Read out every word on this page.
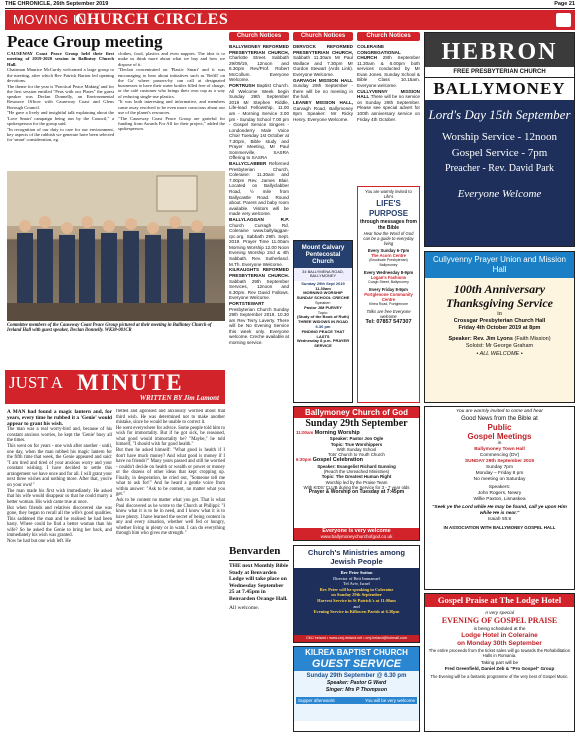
THE CHRONICLE, 26th September 2019	Page 21
MOVING IN
CHURCH CIRCLES
Peace Group meeting

CAUSEWAY Coast Peace Group held their first meeting of 2019-2020 session in Ballintoy Church Hall.

Chairman Maurice McCurdy welcomed a large group to the meeting, after which Rev Patrick Barton led opening devotions.

The theme for the year is 'Practical Peace Making' and for the first session entitled "Peas with our Plates" the guest speaker was Declan Donnelly, an Environmental Resource Officer with Causeway Coast and Glens Borough Council.

"He gave a lively and insightful talk explaining about the 'Love Smart' campaign being run by the Council," a spokesperson for the group said.

"In recognition of our duty to care for our environment, key aspects of the rubbish we generate have been selected for 'smart' consideration, eg.

clothes, food, plastics and even nappies. The idea is to make us think more about what we buy and how we dispose of it.

"Declan concentrated on 'Plastic Smart' and it was encouraging to hear about initiatives such as 'Refill' on the Go' where passers-by can call at designated businesses to have their water bottles filled free of charge, or the café customer who brings their own cup as a way of reducing single-use plastics.

"It was both interesting and informative, and members came away resolved to be even more conscious about our use of the planet's resources.

"The Causeway Coast Peace Group are grateful for funding from Awards For All for their project," added the spokesperson.

Committee members of the Causeway Coast Peace Group pictured at their meeting in Ballintoy Church of Ireland Hall with guest speaker, Declan Donnelly. WK38-001CR
Church Notices	Church Notices	Church Notices

BALLYMONEY REFORMED PRESBYTERIAN CHURCH, Charlotte Street. Sabbath 29/09/19, 12noon and 6.30pm Rev/Prof. Robert McCollum. Everyone Welcome.

PORTRUSH Baptist Church. All Welcome Week begin Sunday 29th September 2019 Mr Stephen Riddle, Life-lead Fellowship, 11.00 am - Morning Service 3.00 pm - Sunday School 7.00 pm - Gospel Service Singers - Londonderry Male Voice Choir Tuesday 1st October at 7.30pm, Bible study and Prayer Meeting, Mr Paul Sommerville, SASRA Offering to SASRA

BALLYCLABBER Reformed Presbyterian Church, Coleraine: 11.30am and 7.00pm Rev. James Blair. Located on Ballyclabber Road, ½ mile from Ballycastle Road. Round about. Parent and baby room available. Visitors will be made very welcome.

BALLYLAGGAN R.P. Church Curragh Rd. Coleraine www.ballylaggan-rpc.org. Sabbath 29th. Sept. 2019. Prayer Time 11.00am Morning Worship 12.00 Noon Evening Worship 2nd & 4th Sabbath. Rev. Sutherland. M.Th. Everyone Welcome.

KILRAUGHTS REFORMED PRESBYTERIAN CHURCH. Sabbath 29th September Services, 12noon and 6.30pm. Rev David Fallows. Everyone Welcome.

PORTSTEWART Presbyterian Church Sunday 29th September 2019. 10.30 am Rev Terry Laverty. There will be No Evening Service this week only. Everyone welcome. Creche available at morning service.

DERVOCK REFORMED PRESBYTERIAN CHURCH, Sabbath 11.30am Mr Paul Wallace and 7.30pm Mr Gordon Stewart (Ards Link). Everyone Welcome.

GARVAGH MISSION HALL Sunday 29th September - there will be no meeting in the hall.

LEANEY MISSION HALL, Garvagh Road, Ballymoney 8pm Speaker: Mr Ricky Henry. Everyone Welcome.

COLERAINE CONGREGATIONAL CHURCH 29th September 11.30am & 6.00pm both services conducted by Mr Evan Jones. Sunday School & Bible Class 10.15am. Everyone welcome.

CULLYVENNY MISSION HALL There will be no service on Sunday 29th September. Please see special advert for 100th anniversary service on Friday 4th October.

Mount Calvary Pentecostal Church
34 BALLYMENA ROAD, BALLYMONEY
Sunday 29th Sept 2019
11.30am
MORNING WORSHIP
SUNDAY SCHOOL CRECHE
Speaker:
Pastor JIM PURVEY
Topic:
(Study of the Book of Ruth) THREE WIDOWS IN ROAD
6.30 pm
FINDING PEACE THAT LASTS
Wednesday 8 p.m. PRAYER SERVICE
You are warmly invited to Life's
LIFE'S PURPOSE
through messages from the Bible
Hear how the Word of God can be a guide to everyday living
Every Sunday 6-7pm
The Acorn Centre
(Brookvale Presbyterian) Ballymoney
Every Wednesday 8-9pm
Logan's Fashions
Coagh Street, Ballymoney
Every Friday 8-9pm
Portglenone Community Centre
Kilrea Road, Portglenone
Talks are free Everyone welcome
Tel: 07857 547307
HEBRON
FREE PRESBYTERIAN CHURCH
BALLYMONEY
Lord's Day 15th September
Worship Service - 12noon
Gospel Service - 7pm
Preacher - Rev. David Park
Everyone Welcome
Cullyvenny Prayer Union and Mission Hall
100th Anniversary
Thanksgiving Service
in
Crossgar Presbyterian Church Hall
Friday 4th October 2019 at 8pm
Speaker: Rev. Jim Lyons (Faith Mission)
Soloist: Mr George Graham
• ALL WELCOME •
JUST A MINUTE
WRITTEN BY Jim Lamont

A MAN had found a magic lantern and, for years, every time he rubbed it a 'Genie' would appear to grant his wish.

The man was a real worry-bird and, because of his constant anxious worries, he kept the 'Genie' busy all the times.

This went on for years - one wish after another - until, one day, when the man rubbed his magic lantern for the fifth time that week, the Genie appeared and said: "I am tired and tired of your anxious worry and your constant wishing. I have decided to settle this arrangement we have once and for all. I will grant your next three wishes and nothing more. After that, you're on your own!"

The man made his first wish immediately. He asked that his wife would disappear so that he could marry a better woman. His wish came true at once.

But when friends and relatives discovered she was gone, they began to recall all the wife's good qualities. This saddened the man and he realised he had been hasty. Where could he find a better woman than his wife? So he asked the Genie to bring her back, and immediately his wish was granted.

Now he had but one wish left. He

fretted and agonised and anxiously worried about that third wish. He was determined not to make another mistake, since he would be unable to correct it.

He went everywhere for advice. Some people told him to wish for immortality. But if he got sick, he reasoned, what good would immortality be? "Maybe," he told himself, "I should wish for good health."

But then he asked himself: "What good is health if I don't have much money? And what good is money if I have no friends?" Many years passed and still he worried - couldn't decide on health or wealth or power or money or the dozens of other ideas that kept cropping up. Finally, in desperation, he cried out, "Someone tell me what to ask for!" And he heard a gentle voice from within answer: "Ask to be content, no matter what you get."

Ask to be content no matter what you get. That is what Paul discovered as he wrote to the Church at Philippi: "I know what it is to be in need, and I know what it is to have plenty. I have learned the secret of being content in any and every situation, whether well fed or hungry, whether living in plenty or in want. I can do everything through him who gives me strength."

Benvarden

THE next Monthly Bible Study at Benvarden Lodge will take place on Wednesday September 25 at 7.45pm in Benvarden Orange Hall.

All welcome.

Ballymoney Church of God
Sunday 29th September
11:00am Morning Worship
Speaker: Pastor Jon Ogle
Topic: True Worshippers
With Sunday School
Tots' Church to Youth Church
6:30pm Gospel Celebration
Speaker: Evangelist Richard Gunning
(Reach the Unreached Ministries)
Topic: The Greatest Human Right
Worship led by the Praise Team
With KIDS' CLUB during the Service for 3 - 7 year olds
Prayer & Worship on Tuesday at 7:45pm
Everyone is very welcome
www.ballymoneychurchofgod.co.uk
Church's Ministries among Jewish People
Rev Peter Sutton
Director of Beit Immanuel
Tel Aviv, Israel
Rev Peter will be speaking in Coleraine
on Sunday 29th September
Harvest Service in St Patrick's at 11.00am
and
Evening Service in Killowen Parish at 6.30pm
CMJ Ireland • www.cmj-ireland.net • cmj.ireland@hotmail.com
KILREA BAPTIST CHURCH
GUEST SERVICE
Sunday 29th September @ 6.30 pm
Speaker: Pastor G Ward
Singer: Mrs P Thompson
Supper afterwards	You will be very welcome
You are warmly invited to come and hear
Good News from the Bible at
Public
Gospel Meetings
in
Ballymoney Town Hall
Commencing (DV)
SUNDAY 29th September 2019
Sunday 7pm
Monday – Friday 8 pm
No meeting on Saturday
Speakers:
John Rogers, Newry
Willie Paxton, Lisnaskea
"Seek ye the Lord while He may be found, call ye upon Him while He is near."
Isaiah 55:6
IN ASSOCIATION WITH BALLYMONEY GOSPEL HALL
Gospel Praise at The Lodge Hotel
A very special
EVENING OF GOSPEL PRAISE
is being scheduled at the
Lodge Hotel in Coleraine
on Monday 30th September
The entire proceeds from the ticket sales will go towards the Rehabilitation Halls in Romania.
Taking part will be
Fred Greenfield, Daniel Zeb & "Pro Gospel" Group
The Evening will be a fantastic programme of the very best of Gospel Music.
